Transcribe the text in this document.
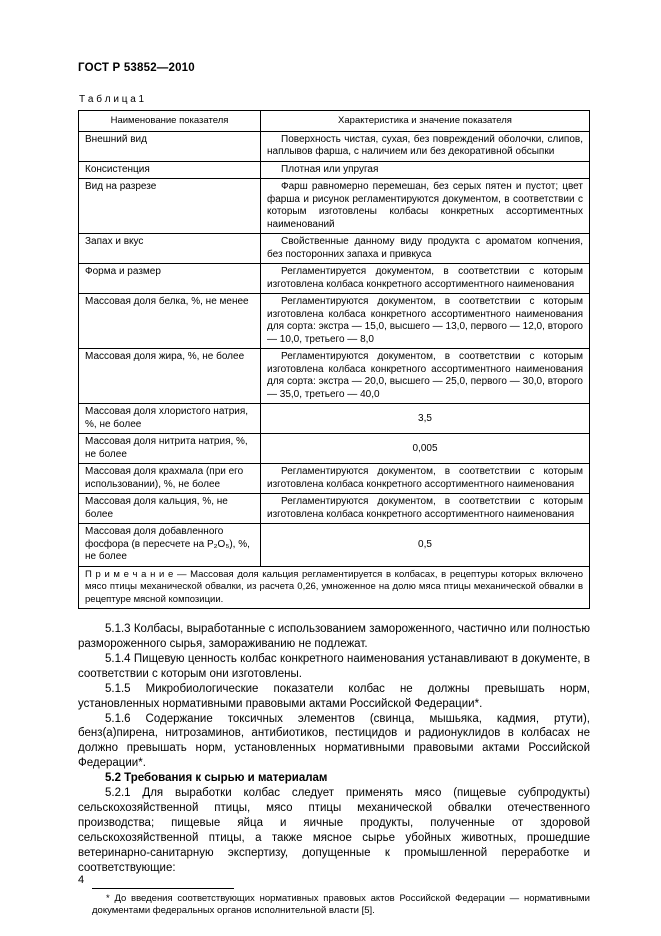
ГОСТ Р 53852—2010

Т а б л и ц а 1

Наименование показателя	Характеристика и значение показателя
Внешний вид	Поверхность чистая, сухая, без повреждений оболочки, слипов, наплывов фарша, с наличием или без декоративной обсыпки
Консистенция	Плотная или упругая
Вид на разрезе	Фарш равномерно перемешан, без серых пятен и пустот; цвет фарша и рисунок регламентируются документом, в соответствии с которым изготовлены колбасы конкретных ассортиментных наименований
Запах и вкус	Свойственные данному виду продукта с ароматом копчения, без посторонних запаха и привкуса
Форма и размер	Регламентируется документом, в соответствии с которым изготовлена колбаса конкретного ассортиментного наименования
Массовая доля белка, %, не менее	Регламентируются документом, в соответствии с которым изготовлена колбаса конкретного ассортиментного наименования для сорта: экстра — 15,0, высшего — 13,0, первого — 12,0, второго — 10,0, третьего — 8,0
Массовая доля жира, %, не более	Регламентируются документом, в соответствии с которым изготовлена колбаса конкретного ассортиментного наименования для сорта: экстра — 20,0, высшего — 25,0, первого — 30,0, второго — 35,0, третьего — 40,0
Массовая доля хлористого натрия, %, не более	3,5
Массовая доля нитрита натрия, %, не более	0,005
Массовая доля крахмала (при его использовании), %, не более	Регламентируются документом, в соответствии с которым изготовлена колбаса конкретного ассортиментного наименования
Массовая доля кальция, %, не более	Регламентируются документом, в соответствии с которым изготовлена колбаса конкретного ассортиментного наименования
Массовая доля добавленного фосфора (в пересчете на Р₂О₅), %, не более	0,5
П р и м е ч а н и е — Массовая доля кальция регламентируется в колбасах, в рецептуры которых включено мясо птицы механической обвалки, из расчета 0,26, умноженное на долю мяса птицы механической обвалки в рецептуре мясной композиции.	

5.1.3 Колбасы, выработанные с использованием замороженного, частично или полностью размороженного сырья, замораживанию не подлежат.

5.1.4 Пищевую ценность колбас конкретного наименования устанавливают в документе, в соответствии с которым они изготовлены.

5.1.5 Микробиологические показатели колбас не должны превышать норм, установленных нормативными правовыми актами Российской Федерации*.

5.1.6 Содержание токсичных элементов (свинца, мышьяка, кадмия, ртути), бенз(а)пирена, нитрозаминов, антибиотиков, пестицидов и радионуклидов в колбасах не должно превышать норм, установленных нормативными правовыми актами Российской Федерации*.

5.2 Требования к сырью и материалам

5.2.1 Для выработки колбас следует применять мясо (пищевые субпродукты) сельскохозяйственной птицы, мясо птицы механической обвалки отечественного производства; пищевые яйца и яичные продукты, полученные от здоровой сельскохозяйственной птицы, а также мясное сырье убойных животных, прошедшие ветеринарно-санитарную экспертизу, допущенные к промышленной переработке и соответствующие:

* До введения соответствующих нормативных правовых актов Российской Федерации — нормативными документами федеральных органов исполнительной власти [5].

4
